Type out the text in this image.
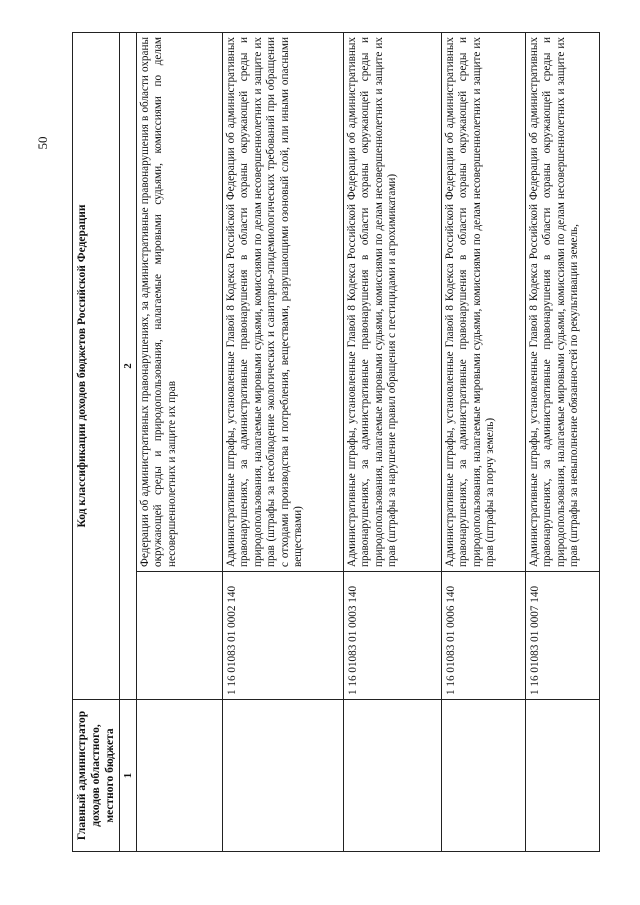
50
Главный администратор доходов областного, местного бюджета	Код классификации доходов бюджетов Российской Федерации	
1	2	
		Федерации об административных правонарушениях, за административные правонарушения в области охраны окружающей среды и природопользования, налагаемые мировыми судьями, комиссиями по делам несовершеннолетних и защите их прав
	1 16 01083 01 0002 140	Административные штрафы, установленные Главой 8 Кодекса Российской Федерации об административных правонарушениях, за административные правонарушения в области охраны окружающей среды и природопользования, налагаемые мировыми судьями, комиссиями по делам несовершеннолетних и защите их прав (штрафы за несоблюдение экологических и санитарно-эпидемиологических требований при обращении с отходами производства и потребления, веществами, разрушающими озоновый слой, или иными опасными веществами)
	1 16 01083 01 0003 140	Административные штрафы, установленные Главой 8 Кодекса Российской Федерации об административных правонарушениях, за административные правонарушения в области охраны окружающей среды и природопользования, налагаемые мировыми судьями, комиссиями по делам несовершеннолетних и защите их прав (штрафы за нарушение правил обращения с пестицидами и агрохимикатами)
	1 16 01083 01 0006 140	Административные штрафы, установленные Главой 8 Кодекса Российской Федерации об административных правонарушениях, за административные правонарушения в области охраны окружающей среды и природопользования, налагаемые мировыми судьями, комиссиями по делам несовершеннолетних и защите их прав (штрафы за порчу земель)
	1 16 01083 01 0007 140	Административные штрафы, установленные Главой 8 Кодекса Российской Федерации об административных правонарушениях, за административные правонарушения в области охраны окружающей среды и природопользования, налагаемые мировыми судьями, комиссиями по делам несовершеннолетних и защите их прав (штрафы за невыполнение обязанностей по рекультивации земель,
